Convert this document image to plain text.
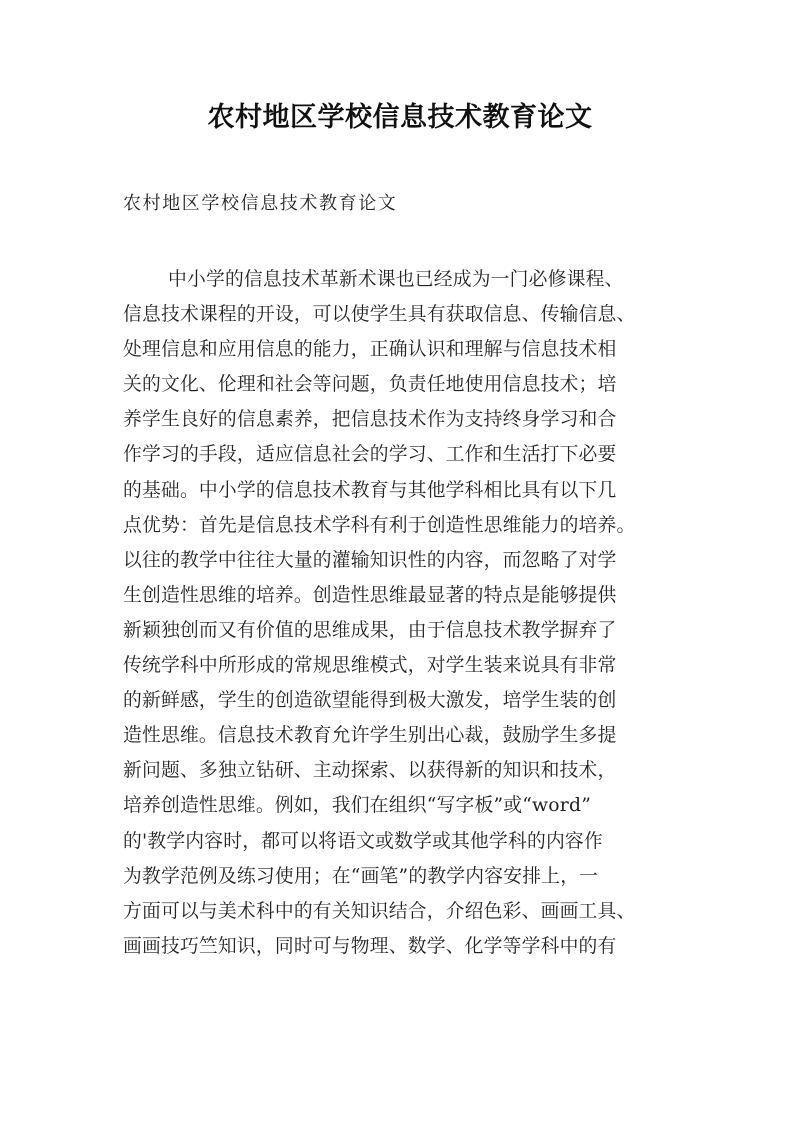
农村地区学校信息技术教育论文
农村地区学校信息技术教育论文
中小学的信息技术革新术课也已经成为一门必修课程、
信息技术课程的开设，可以使学生具有获取信息、传输信息、
处理信息和应用信息的能力，正确认识和理解与信息技术相
关的文化、伦理和社会等问题，负责任地使用信息技术；培
养学生良好的信息素养，把信息技术作为支持终身学习和合
作学习的手段，适应信息社会的学习、工作和生活打下必要
的基础。中小学的信息技术教育与其他学科相比具有以下几
点优势：首先是信息技术学科有利于创造性思维能力的培养。
以往的教学中往往大量的灌输知识性的内容，而忽略了对学
生创造性思维的培养。创造性思维最显著的特点是能够提供
新颖独创而又有价值的思维成果，由于信息技术教学摒弃了
传统学科中所形成的常规思维模式，对学生装来说具有非常
的新鲜感，学生的创造欲望能得到极大激发，培学生装的创
造性思维。信息技术教育允许学生别出心裁，鼓励学生多提
新问题、多独立钻研、主动探索、以获得新的知识和技术，
培养创造性思维。例如，我们在组织“写字板”或“word”
的'教学内容时，都可以将语文或数学或其他学科的内容作
为教学范例及练习使用；在“画笔”的教学内容安排上，一
方面可以与美术科中的有关知识结合，介绍色彩、画画工具、
画画技巧竺知识，同时可与物理、数学、化学等学科中的有
